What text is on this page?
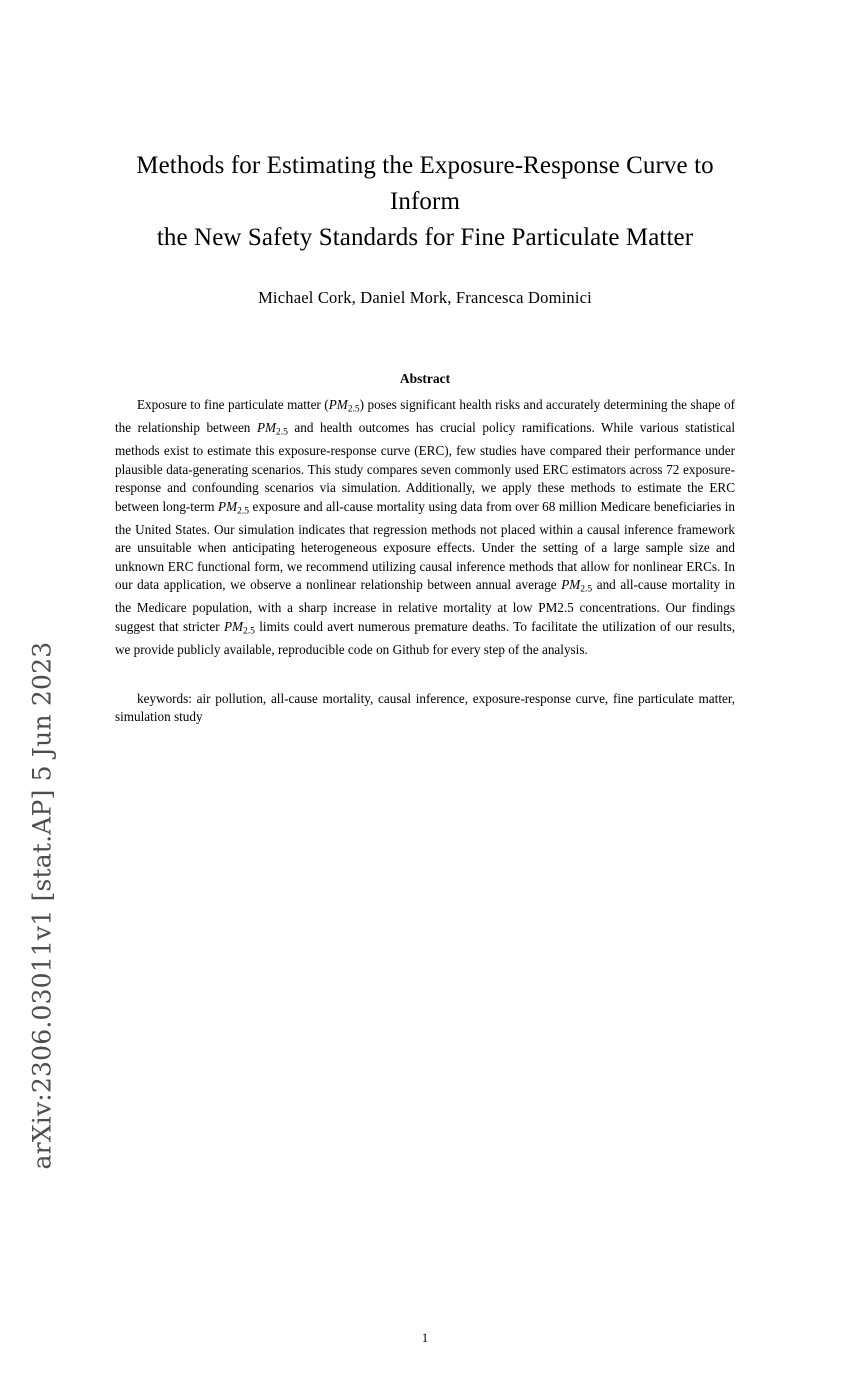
arXiv:2306.03011v1 [stat.AP] 5 Jun 2023
Methods for Estimating the Exposure-Response Curve to Inform
the New Safety Standards for Fine Particulate Matter
Michael Cork, Daniel Mork, Francesca Dominici
Abstract
Exposure to fine particulate matter $(PM_{2.5})$ poses significant health risks and accurately determining the shape of the relationship between $PM_{2.5}$ and health outcomes has crucial policy ramifications. While various statistical methods exist to estimate this exposure-response curve (ERC), few studies have compared their performance under plausible data-generating scenarios. This study compares seven commonly used ERC estimators across 72 exposure-response and confounding scenarios via simulation. Additionally, we apply these methods to estimate the ERC between long-term $PM_{2.5}$ exposure and all-cause mortality using data from over 68 million Medicare beneficiaries in the United States. Our simulation indicates that regression methods not placed within a causal inference framework are unsuitable when anticipating heterogeneous exposure effects. Under the setting of a large sample size and unknown ERC functional form, we recommend utilizing causal inference methods that allow for nonlinear ERCs. In our data application, we observe a nonlinear relationship between annual average $PM_{2.5}$ and all-cause mortality in the Medicare population, with a sharp increase in relative mortality at low PM2.5 concentrations. Our findings suggest that stricter $PM_{2.5}$ limits could avert numerous premature deaths. To facilitate the utilization of our results, we provide publicly available, reproducible code on Github for every step of the analysis.
keywords: air pollution, all-cause mortality, causal inference, exposure-response curve, fine particulate matter, simulation study
1
